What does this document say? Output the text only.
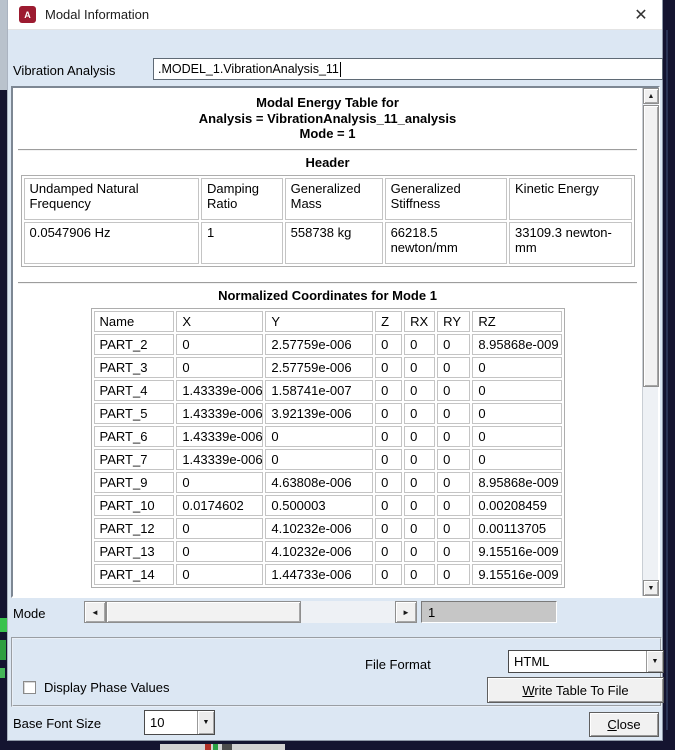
A	Modal Information	✕
Vibration Analysis	.MODEL_1.VibrationAnalysis_11
Modal Energy Table for
Analysis = VibrationAnalysis_11_analysis
Mode = 1
Header
Undamped Natural Frequency	Damping Ratio	Generalized Mass	Generalized Stiffness	Kinetic Energy
0.0547906 Hz	1	558738 kg	66218.5 newton/mm	33109.3 newton-mm
Normalized Coordinates for Mode 1
Name	X	Y	Z	RX	RY	RZ
PART_2	0	2.57759e-006	0	0	0	8.95868e-009
PART_3	0	2.57759e-006	0	0	0	0
PART_4	1.43339e-006	1.58741e-007	0	0	0	0
PART_5	1.43339e-006	3.92139e-006	0	0	0	0
PART_6	1.43339e-006	0	0	0	0	0
PART_7	1.43339e-006	0	0	0	0	0
PART_9	0	4.63808e-006	0	0	0	8.95868e-009
PART_10	0.0174602	0.500003	0	0	0	0.00208459
PART_12	0	4.10232e-006	0	0	0	0.00113705
PART_13	0	4.10232e-006	0	0	0	9.15516e-009
PART_14	0	1.44733e-006	0	0	0	9.15516e-009
▲
▼
Mode	◄	►	1
File Format	HTML	▼
Display Phase Values	Write Table To File
Base Font Size	10	▼	Close
